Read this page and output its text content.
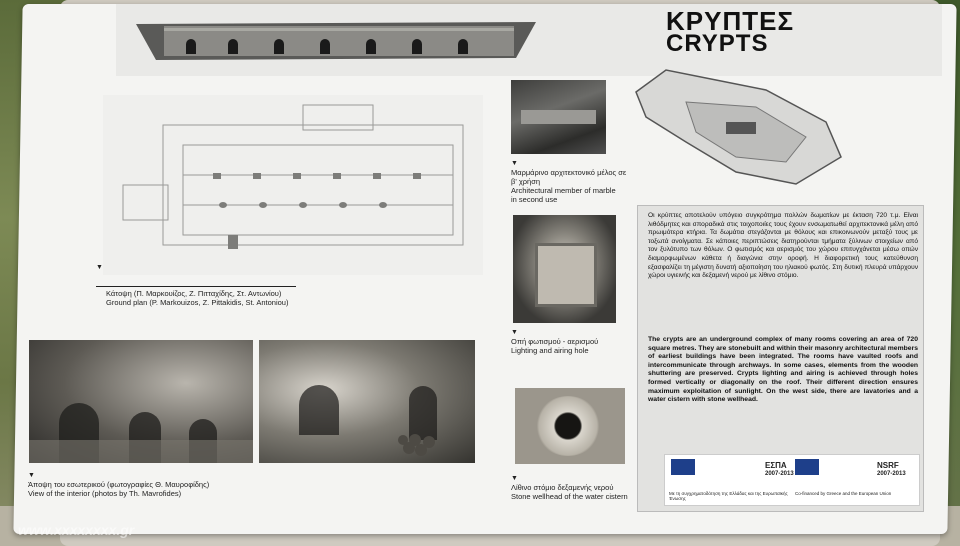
ΚΡΥΠΤΕΣ
CRYPTS
▼
Κάτοψη (Π. Μαρκουίζος, Ζ. Πιτταχίδης, Στ. Αντωνίου)
Ground plan (P. Markouizos, Z. Pittakidis, St. Antoniou)
▼
Μαρμάρινο αρχιτεκτονικό μέλος σε β' χρήση
Architectural member of marble
in second use
▼
Οπή φωτισμού - αερισμού
Lighting and airing hole
▼
Άποψη του εσωτερικού (φωτογραφίες Θ. Μαυροφίδης)
View of the interior (photos by Th. Mavrofides)
▼
Λίθινο στόμιο δεξαμενής νερού
Stone wellhead of the water cistern
Οι κρύπτες αποτελούν υπόγειο συγκρότημα πολλών δωματίων με έκταση 720 τ.μ. Είναι λιθόδμητες και σποραδικά στις τοιχοποιίες τους έχουν ενσωματωθεί αρχιτεκτονικά μέλη από πρωιμότερα κτήρια. Τα δωμάτια στεγάζονται με θόλους και επικοινωνούν μεταξύ τους με τοξωτά ανοίγματα. Σε κάποιες περιπτώσεις διατηρούνται τμήματα ξύλινων στοιχείων από τον ξυλότυπο των θόλων. Ο φωτισμός και αερισμός του χώρου επιτυγχάνεται μέσω οπών διαμορφωμένων κάθετα ή διαγώνια στην οροφή. Η διαφορετική τους κατεύθυνση εξασφαλίζει τη μέγιστη δυνατή αξιοποίηση του ηλιακού φωτός. Στη δυτική πλευρά υπάρχουν χώροι υγιεινής και δεξαμενή νερού με λίθινο στόμιο.
The crypts are an underground complex of many rooms covering an area of 720 square metres. They are stonebuilt and within their masonry architectural members of earliest buildings have been integrated. The rooms have vaulted roofs and intercommunicate through archways. In some cases, elements from the wooden shuttering are preserved. Crypts lighting and airing is achieved through holes formed vertically or diagonally on the roof. Their different direction ensures maximum exploitation of sunlight. On the west side, there are lavatories and a water cistern with stone wellhead.
ΕΣΠΑ
2007-2013
NSRF
2007-2013
Με τη συγχρηματοδότηση της Ελλάδας και της Ευρωπαϊκής Ένωσης
Co-financed by Greece and the European Union
www.xxxxxxxx.gr
